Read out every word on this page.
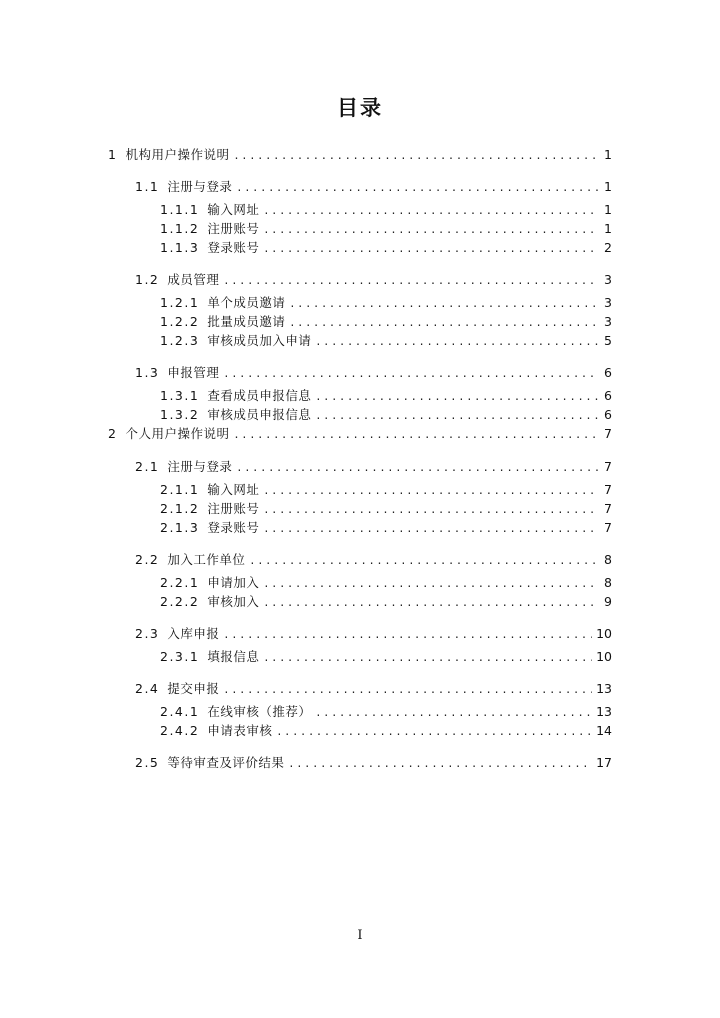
目录
1 机构用户操作说明 . . .	1
1.1 注册与登录 . . .	1
1.1.1 输入网址 . . .	1
1.1.2 注册账号 . . .	1
1.1.3 登录账号 . . .	2
1.2 成员管理 . . .	3
1.2.1 单个成员邀请 . . .	3
1.2.2 批量成员邀请 . . .	3
1.2.3 审核成员加入申请 . . .	5
1.3 申报管理 . . .	6
1.3.1 查看成员申报信息 . . .	6
1.3.2 审核成员申报信息 . . .	6
2 个人用户操作说明 . . .	7
2.1 注册与登录 . . .	7
2.1.1 输入网址 . . .	7
2.1.2 注册账号 . . .	7
2.1.3 登录账号 . . .	7
2.2 加入工作单位 . . .	8
2.2.1 申请加入 . . .	8
2.2.2 审核加入 . . .	9
2.3 入库申报 . . .	10
2.3.1 填报信息 . . .	10
2.4 提交申报 . . .	13
2.4.1 在线审核（推荐） . . .	13
2.4.2 申请表审核 . . .	14
2.5 等待审查及评价结果 . . .	17
I
